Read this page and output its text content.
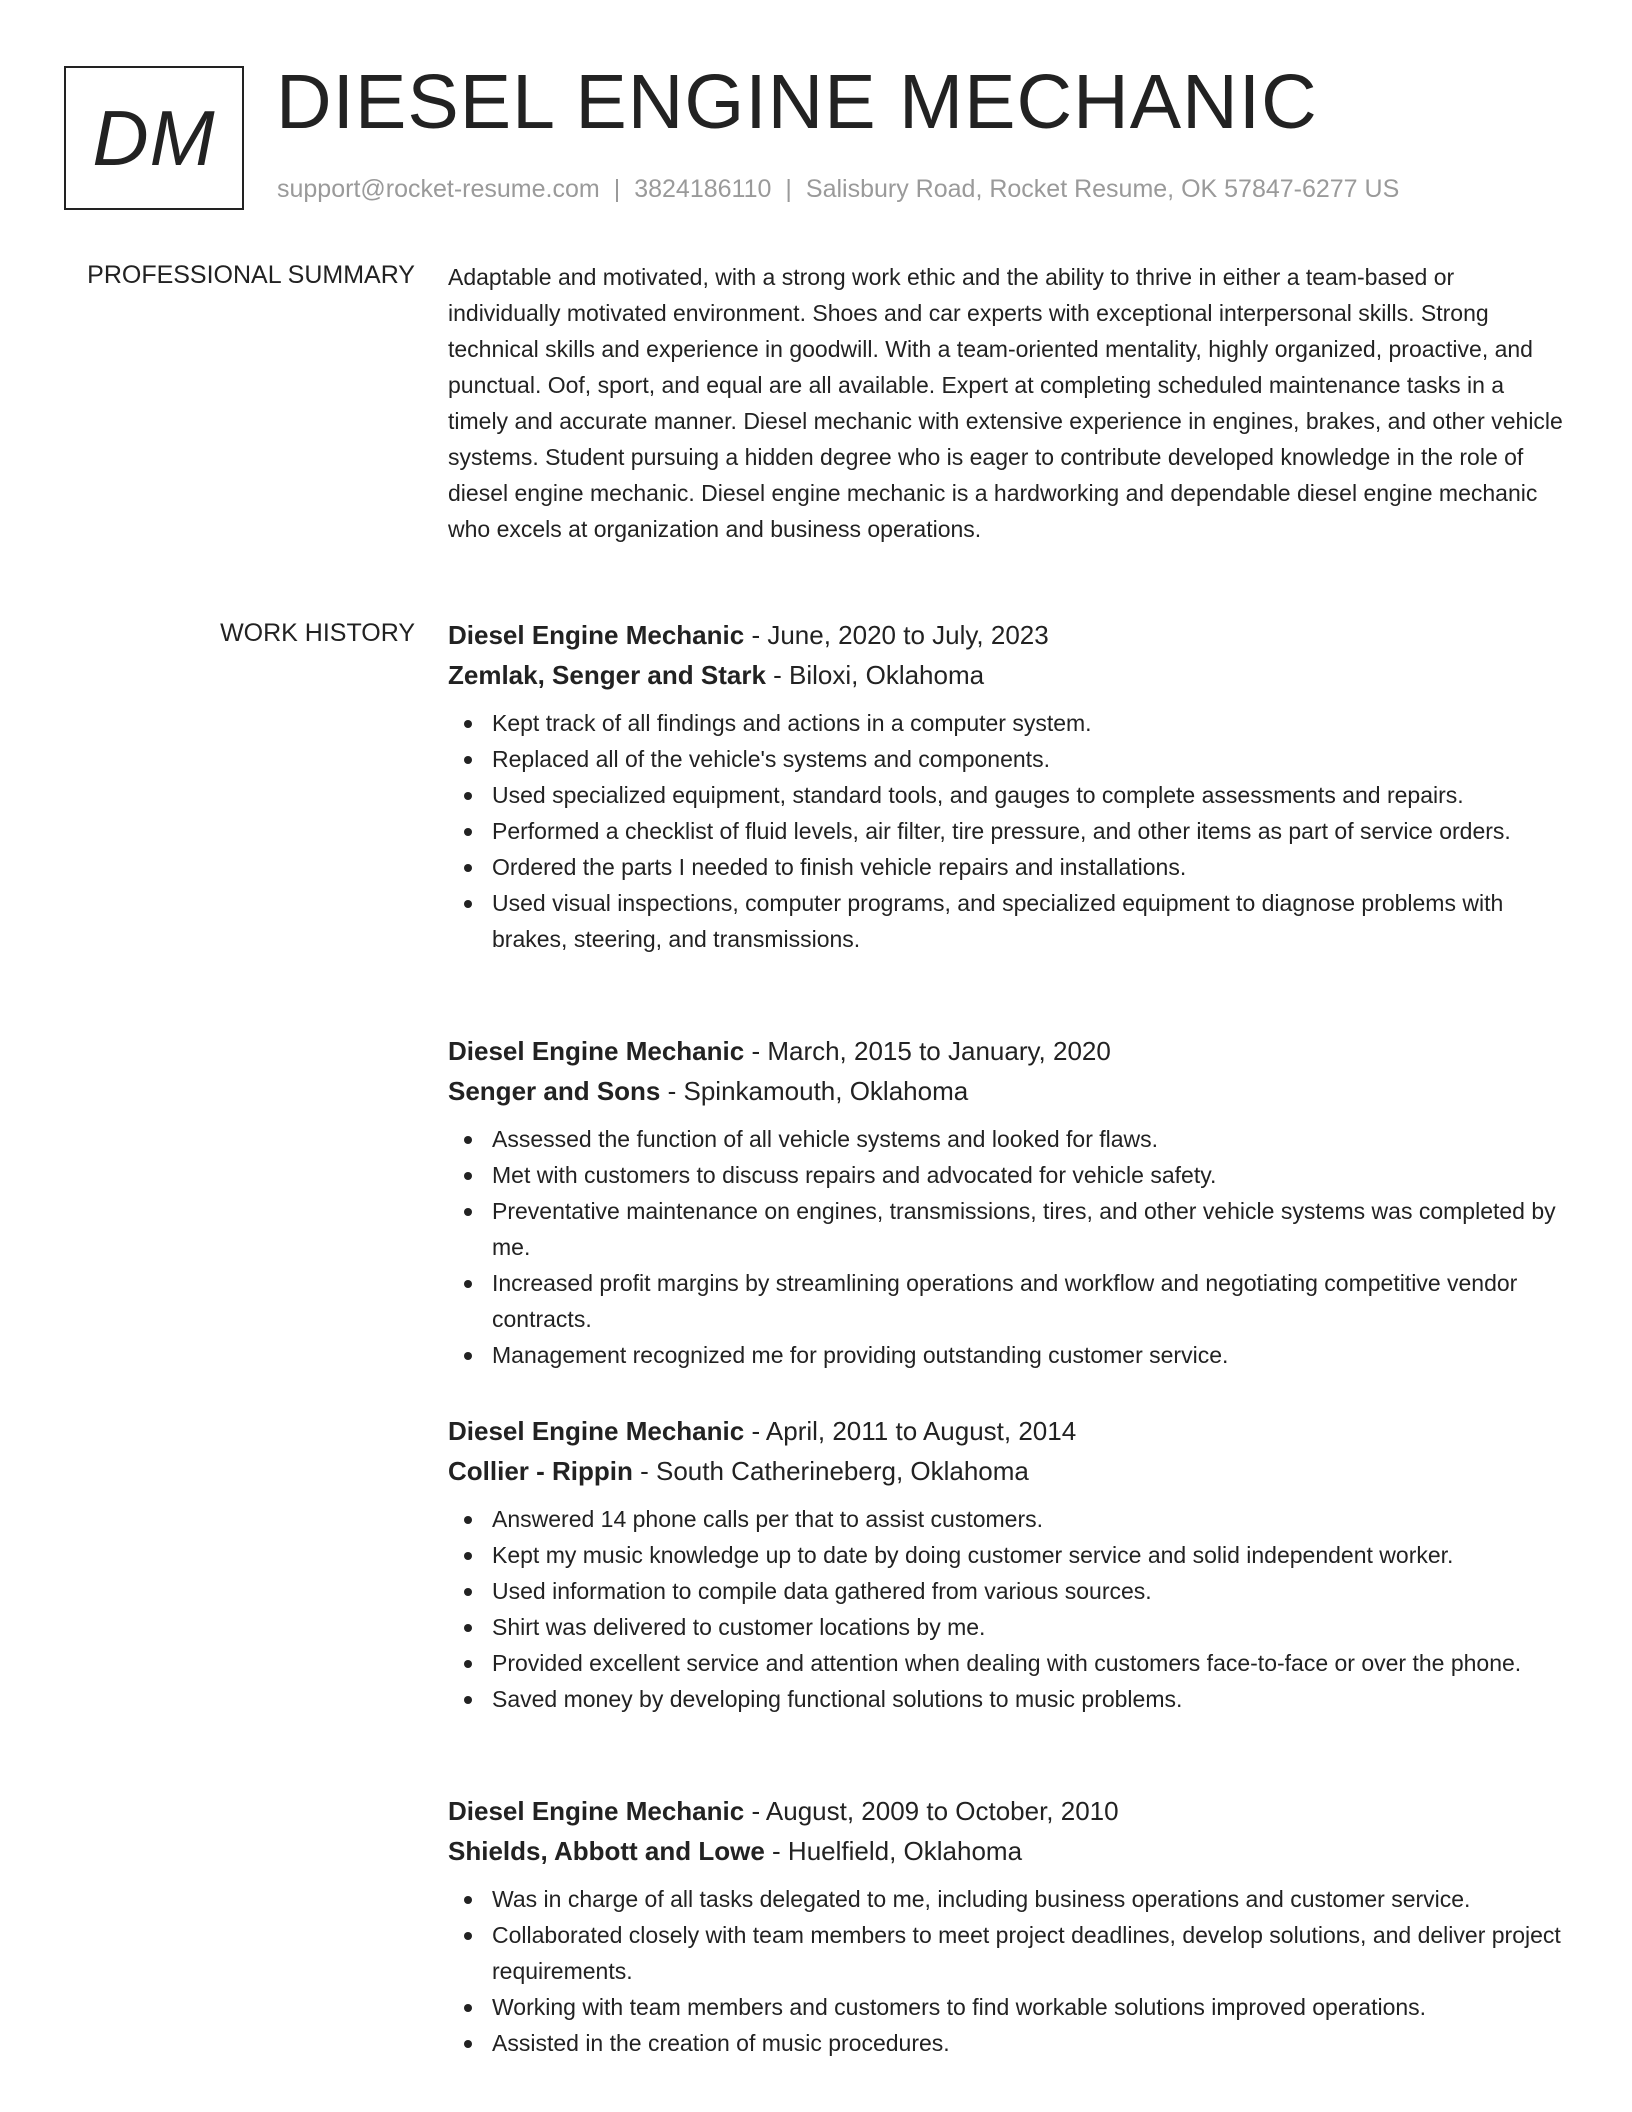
DM DIESEL ENGINE MECHANIC
support@rocket-resume.com | 3824186110 | Salisbury Road, Rocket Resume, OK 57847-6277 US
PROFESSIONAL SUMMARY Adaptable and motivated, with a strong work ethic and the ability to thrive in either a team-based or individually motivated environment. Shoes and car experts with exceptional interpersonal skills. Strong technical skills and experience in goodwill. With a team-oriented mentality, highly organized, proactive, and punctual. Oof, sport, and equal are all available. Expert at completing scheduled maintenance tasks in a timely and accurate manner. Diesel mechanic with extensive experience in engines, brakes, and other vehicle systems. Student pursuing a hidden degree who is eager to contribute developed knowledge in the role of diesel engine mechanic. Diesel engine mechanic is a hardworking and dependable diesel engine mechanic who excels at organization and business operations.

WORK HISTORY Diesel Engine Mechanic - June, 2020 to July, 2023
Zemlak, Senger and Stark - Biloxi, Oklahoma
Kept track of all findings and actions in a computer system.
Replaced all of the vehicle's systems and components.
Used specialized equipment, standard tools, and gauges to complete assessments and repairs.
Performed a checklist of fluid levels, air filter, tire pressure, and other items as part of service orders.
Ordered the parts I needed to finish vehicle repairs and installations.
Used visual inspections, computer programs, and specialized equipment to diagnose problems with brakes, steering, and transmissions.
Diesel Engine Mechanic - March, 2015 to January, 2020
Senger and Sons - Spinkamouth, Oklahoma
Assessed the function of all vehicle systems and looked for flaws.
Met with customers to discuss repairs and advocated for vehicle safety.
Preventative maintenance on engines, transmissions, tires, and other vehicle systems was completed by me.
Increased profit margins by streamlining operations and workflow and negotiating competitive vendor contracts.
Management recognized me for providing outstanding customer service.
Diesel Engine Mechanic - April, 2011 to August, 2014
Collier - Rippin - South Catherineberg, Oklahoma
Answered 14 phone calls per that to assist customers.
Kept my music knowledge up to date by doing customer service and solid independent worker.
Used information to compile data gathered from various sources.
Shirt was delivered to customer locations by me.
Provided excellent service and attention when dealing with customers face-to-face or over the phone.
Saved money by developing functional solutions to music problems.
Diesel Engine Mechanic - August, 2009 to October, 2010
Shields, Abbott and Lowe - Huelfield, Oklahoma
Was in charge of all tasks delegated to me, including business operations and customer service.
Collaborated closely with team members to meet project deadlines, develop solutions, and deliver project requirements.
Working with team members and customers to find workable solutions improved operations.
Assisted in the creation of music procedures.
